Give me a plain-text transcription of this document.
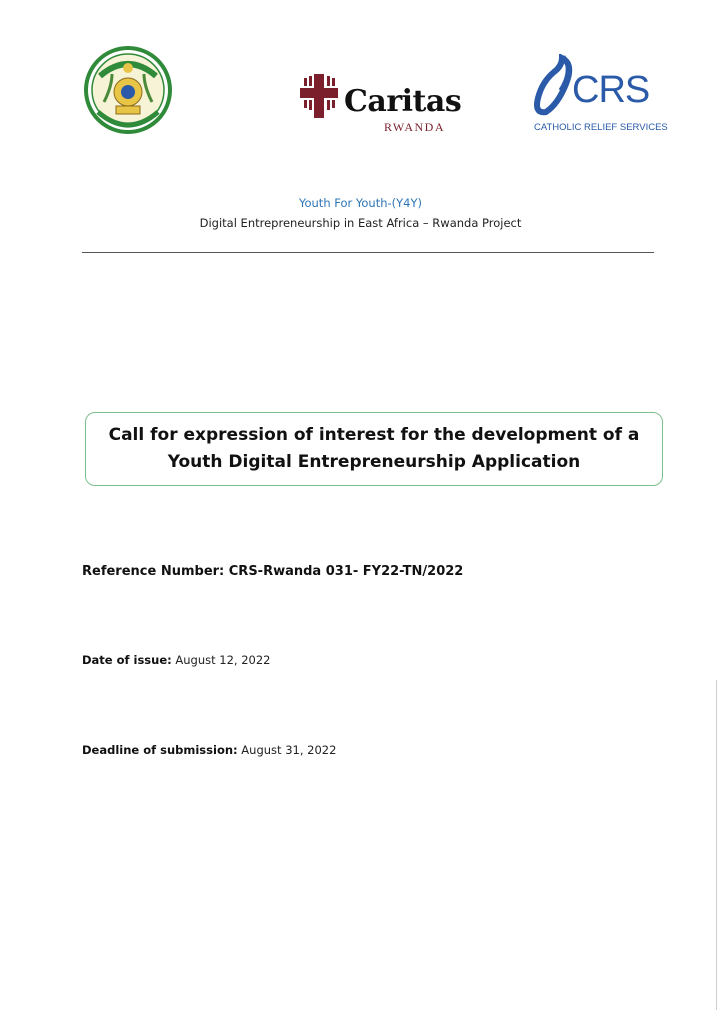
Caritas
RWANDA
CRS
CATHOLIC RELIEF SERVICES
Youth For Youth-(Y4Y)
Digital Entrepreneurship in East Africa – Rwanda Project
Call for expression of interest for the development of a
Youth Digital Entrepreneurship Application
Reference Number: CRS-Rwanda 031- FY22-TN/2022
Date of issue: August 12, 2022
Deadline of submission: August 31, 2022
